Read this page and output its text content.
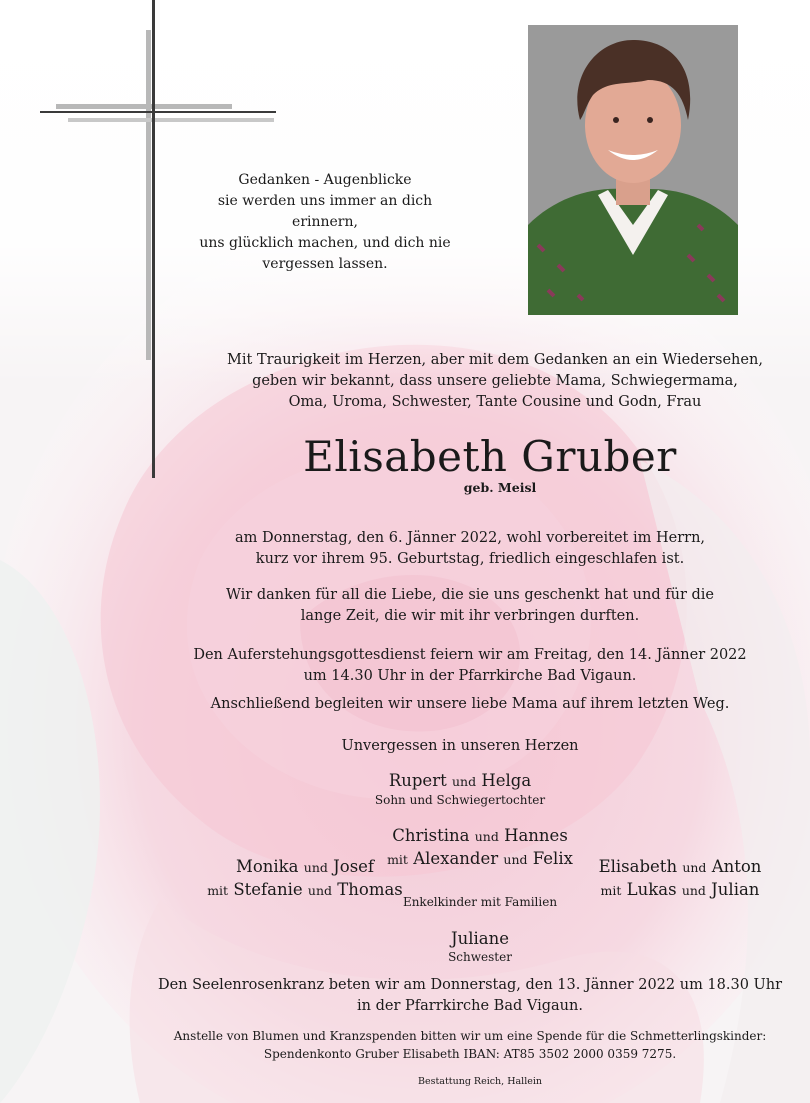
Gedanken - Augenblicke
sie werden uns immer an dich erinnern,
uns glücklich machen, und dich nie
vergessen lassen.
Mit Traurigkeit im Herzen, aber mit dem Gedanken an ein Wiedersehen,
geben wir bekannt, dass unsere geliebte Mama, Schwiegermama,
Oma, Uroma, Schwester, Tante Cousine und Godn, Frau
Elisabeth Gruber
geb. Meisl
am Donnerstag, den 6. Jänner 2022, wohl vorbereitet im Herrn,
kurz vor ihrem 95. Geburtstag, friedlich eingeschlafen ist.
Wir danken für all die Liebe, die sie uns geschenkt hat und für die
lange Zeit, die wir mit ihr verbringen durften.
Den Auferstehungsgottesdienst feiern wir am Freitag, den 14. Jänner 2022
um 14.30 Uhr in der Pfarrkirche Bad Vigaun.
Anschließend begleiten wir unsere liebe Mama auf ihrem letzten Weg.
Unvergessen in unseren Herzen
Rupert und Helga
Sohn und Schwiegertochter
Christina und Hannes
mit Alexander und Felix
Monika und Josef
mit Stefanie und Thomas
Elisabeth und Anton
mit Lukas und Julian
Enkelkinder mit Familien
Juliane
Schwester
Den Seelenrosenkranz beten wir am Donnerstag, den 13. Jänner 2022 um 18.30 Uhr
in der Pfarrkirche Bad Vigaun.
Anstelle von Blumen und Kranzspenden bitten wir um eine Spende für die Schmetterlingskinder:
Spendenkonto Gruber Elisabeth IBAN: AT85 3502 2000 0359 7275.
Bestattung Reich, Hallein
